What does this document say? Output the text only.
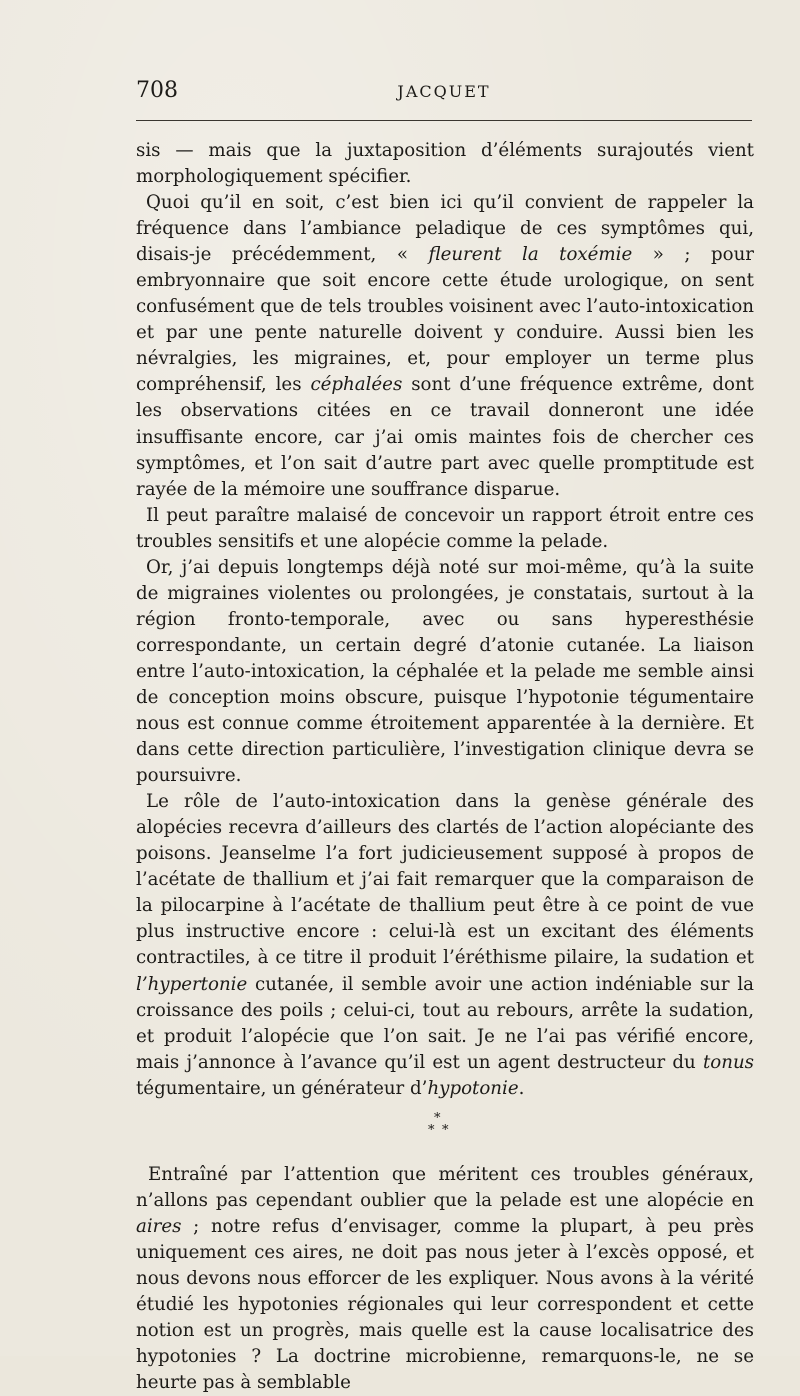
708	JACQUET

sis — mais que la juxtaposition d’éléments surajoutés vient morphologiquement spécifier.

Quoi qu’il en soit, c’est bien ici qu’il convient de rappeler la fréquence dans l’ambiance peladique de ces symptômes qui, disais-je précédemment, « fleurent la toxémie » ; pour embryonnaire que soit encore cette étude urologique, on sent confusément que de tels troubles voisinent avec l’auto-intoxication et par une pente naturelle doivent y conduire. Aussi bien les névralgies, les migraines, et, pour employer un terme plus compréhensif, les céphalées sont d’une fréquence extrême, dont les observations citées en ce travail donneront une idée insuffisante encore, car j’ai omis maintes fois de chercher ces symptômes, et l’on sait d’autre part avec quelle promptitude est rayée de la mémoire une souffrance disparue.

Il peut paraître malaisé de concevoir un rapport étroit entre ces troubles sensitifs et une alopécie comme la pelade.

Or, j’ai depuis longtemps déjà noté sur moi-même, qu’à la suite de migraines violentes ou prolongées, je constatais, surtout à la région fronto-temporale, avec ou sans hyperesthésie correspondante, un certain degré d’atonie cutanée. La liaison entre l’auto-intoxication, la céphalée et la pelade me semble ainsi de conception moins obscure, puisque l’hypotonie tégumentaire nous est connue comme étroitement apparentée à la dernière. Et dans cette direction particulière, l’investigation clinique devra se poursuivre.

Le rôle de l’auto-intoxication dans la genèse générale des alopécies recevra d’ailleurs des clartés de l’action alopéciante des poisons. Jeanselme l’a fort judicieusement supposé à propos de l’acétate de thallium et j’ai fait remarquer que la comparaison de la pilocarpine à l’acétate de thallium peut être à ce point de vue plus instructive encore : celui-là est un excitant des éléments contractiles, à ce titre il produit l’éréthisme pilaire, la sudation et l’hypertonie cutanée, il semble avoir une action indéniable sur la croissance des poils ; celui-ci, tout au rebours, arrête la sudation, et produit l’alopécie que l’on sait. Je ne l’ai pas vérifié encore, mais j’annonce à l’avance qu’il est un agent destructeur du tonus tégumentaire, un générateur d’hypotonie.

*
* *

Entraîné par l’attention que méritent ces troubles généraux, n’allons pas cependant oublier que la pelade est une alopécie en aires ; notre refus d’envisager, comme la plupart, à peu près uniquement ces aires, ne doit pas nous jeter à l’excès opposé, et nous devons nous efforcer de les expliquer. Nous avons à la vérité étudié les hypotonies régionales qui leur correspondent et cette notion est un progrès, mais quelle est la cause localisatrice des hypotonies ? La doctrine microbienne, remarquons-le, ne se heurte pas à semblable
